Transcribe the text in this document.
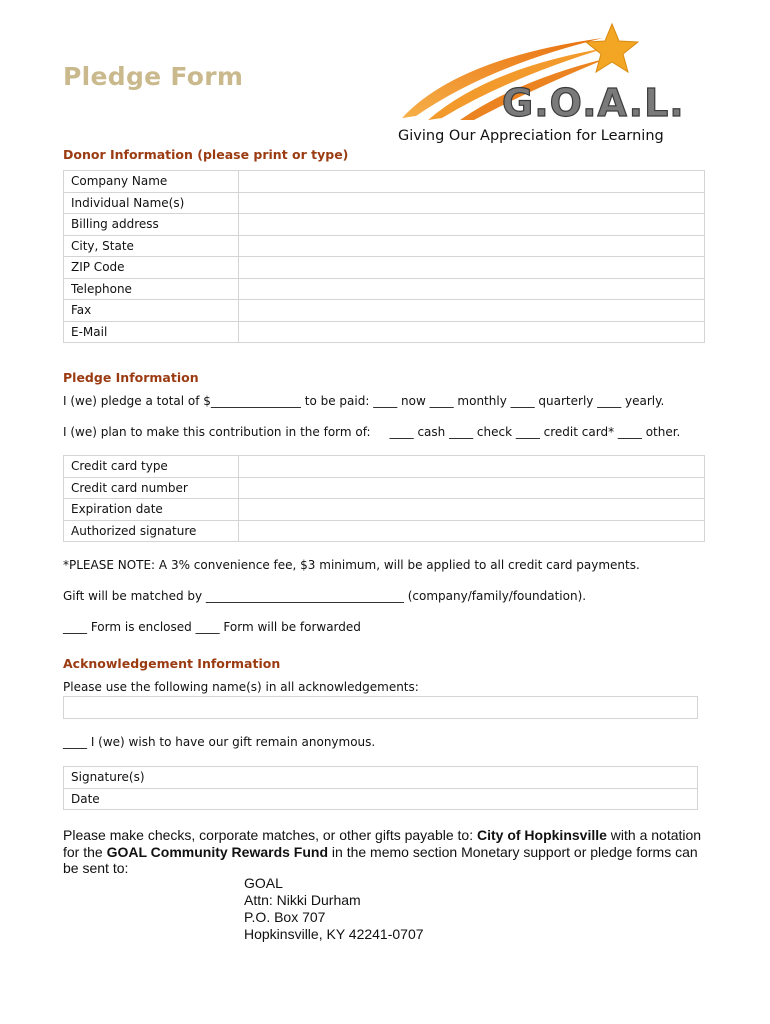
Pledge Form
G.O.A.L.
Giving Our Appreciation for Learning
Donor Information (please print or type)
Company Name	
Individual Name(s)	
Billing address	
City, State	
ZIP Code	
Telephone	
Fax	
E-Mail	
Pledge Information
I (we) pledge a total of $_______________ to be paid: ____ now ____ monthly ____ quarterly ____ yearly.
I (we) plan to make this contribution in the form of:     ____ cash ____ check ____ credit card* ____ other.
Credit card type	
Credit card number	
Expiration date	
Authorized signature	
*PLEASE NOTE: A 3% convenience fee, $3 minimum, will be applied to all credit card payments.
Gift will be matched by _________________________________ (company/family/foundation).
____ Form is enclosed ____ Form will be forwarded
Acknowledgement Information
Please use the following name(s) in all acknowledgements:
____ I (we) wish to have our gift remain anonymous.
Signature(s)
Date
Please make checks, corporate matches, or other gifts payable to: City of Hopkinsville with a notation for the GOAL Community Rewards Fund in the memo section Monetary support or pledge forms can be sent to:
GOAL
Attn: Nikki Durham
P.O. Box 707
Hopkinsville, KY 42241-0707
